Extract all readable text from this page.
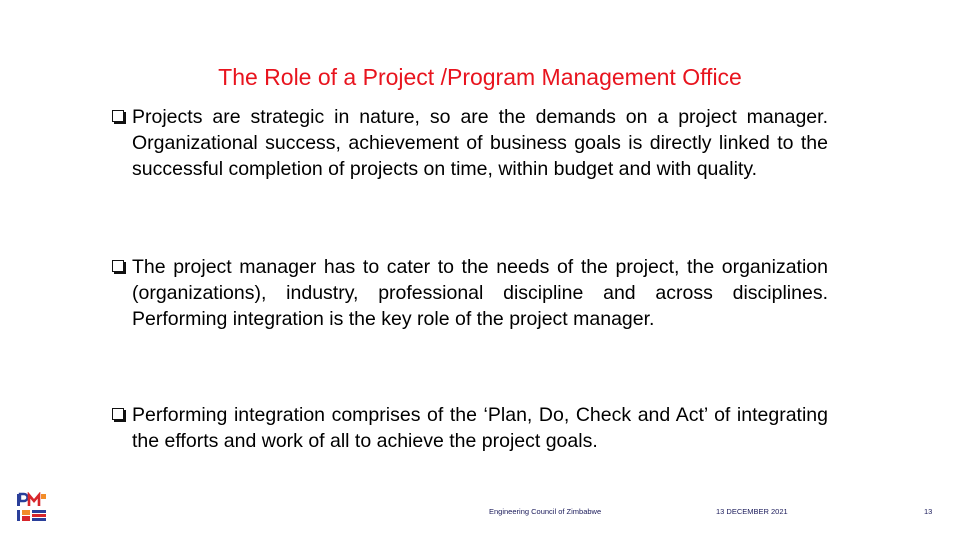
The Role of a Project /Program Management Office
Projects are strategic in nature, so are the demands on a project manager. Organizational success, achievement of business goals is directly linked to the successful completion of projects on time, within budget and with quality.
The project manager has to cater to the needs of the project, the organization (organizations), industry, professional discipline and across disciplines. Performing integration is the key role of the project manager.
Performing integration comprises of the ‘Plan, Do, Check and Act’ of integrating the efforts and work of all to achieve the project goals.
Engineering Council of Zimbabwe	13 DECEMBER 2021	13
